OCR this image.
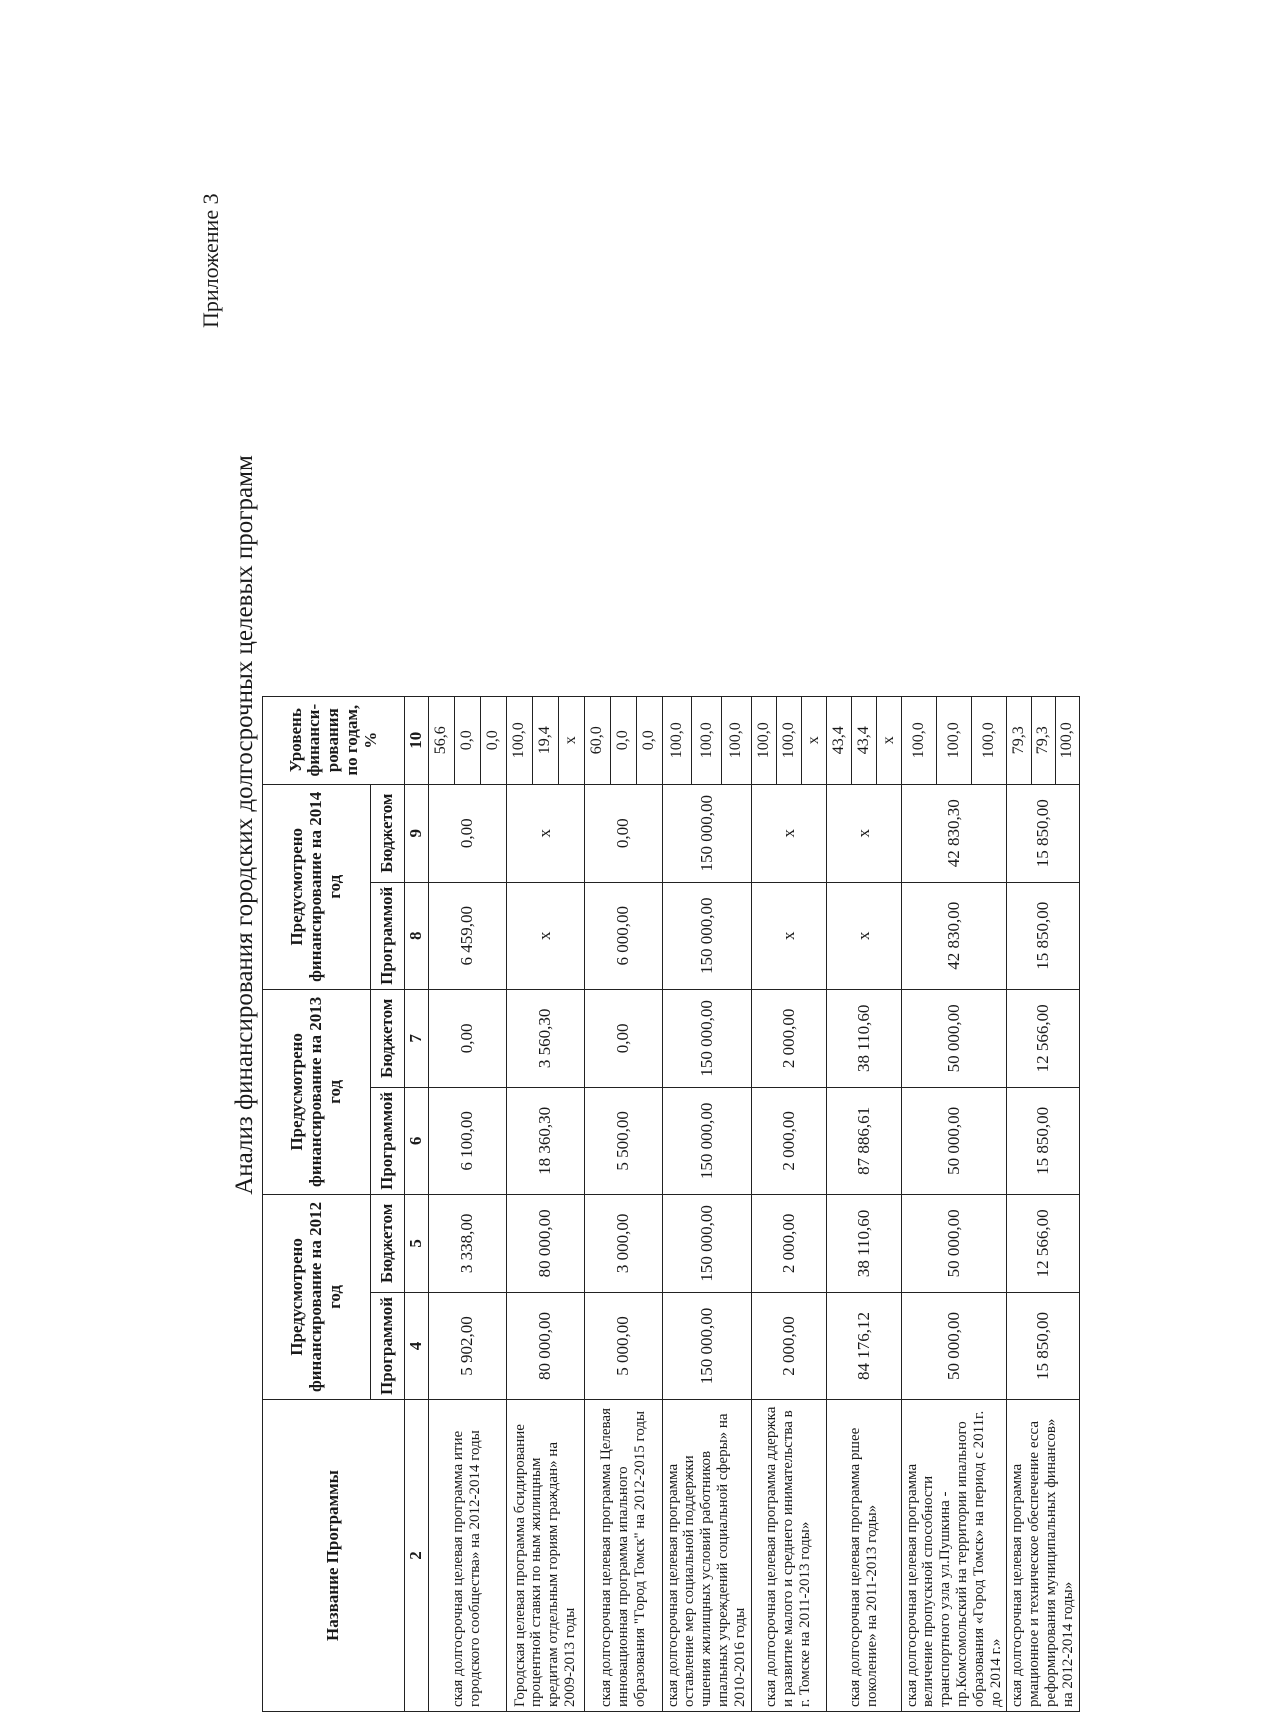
Приложение 3
Анализ финансирования городских долгосрочных целевых программ
Название Программы	Предусмотрено финансирование на 2012 год		Предусмотрено финансирование на 2013 год		Предусмотрено финансирование на 2014 год		Уровень финанси-рования по годам, %
	Программой	Бюджетом	Программой	Бюджетом	Программой	Бюджетом	
2	4	5	6	7	8	9	10
ская долгосрочная целевая программа итие городского сообщества» на 2012-2014 годы	5 902,00	3 338,00	6 100,00	0,00	6 459,00	0,00	56,6
							0,0
							0,0
Городская целевая программа бсидирование процентной ставки по ным жилищным кредитам отдельным гориям граждан» на 2009-2013 годы	80 000,00	80 000,00	18 360,30	3 560,30	x	x	100,0
							19,4
							x
ская долгосрочная целевая программа Целевая инновационная программа ипального образования "Город Томск" на 2012-2015 годы	5 000,00	3 000,00	5 500,00	0,00	6 000,00	0,00	60,0
							0,0
							0,0
ская долгосрочная целевая программа оставление мер социальной поддержки чшения жилищных условий работников ипальных учреждений социальной сферы» на 2010-2016 годы	150 000,00	150 000,00	150 000,00	150 000,00	150 000,00	150 000,00	100,0
							100,0
							100,0
ская долгосрочная целевая программа ддержка и развитие малого и среднего инимательства в г. Томске на 2011-2013 годы»	2 000,00	2 000,00	2 000,00	2 000,00	x	x	100,0
							100,0
							x
ская долгосрочная целевая программа ршее поколение» на 2011-2013 годы»	84 176,12	38 110,60	87 886,61	38 110,60	x	x	43,4
							43,4
							x
ская долгосрочная целевая программа величение пропускной способности транспортного узла ул.Пушкина - пр.Комсомольский на территории ипального образования «Город Томск» на период с 2011г. до 2014 г.»	50 000,00	50 000,00	50 000,00	50 000,00	42 830,00	42 830,30	100,0
							100,0
							100,0
ская долгосрочная целевая программа рмационное и техническое обеспечение есса реформирования муниципальных финансов» на 2012-2014 годы»	15 850,00	12 566,00	15 850,00	12 566,00	15 850,00	15 850,00	79,3
							79,3
							100,0
